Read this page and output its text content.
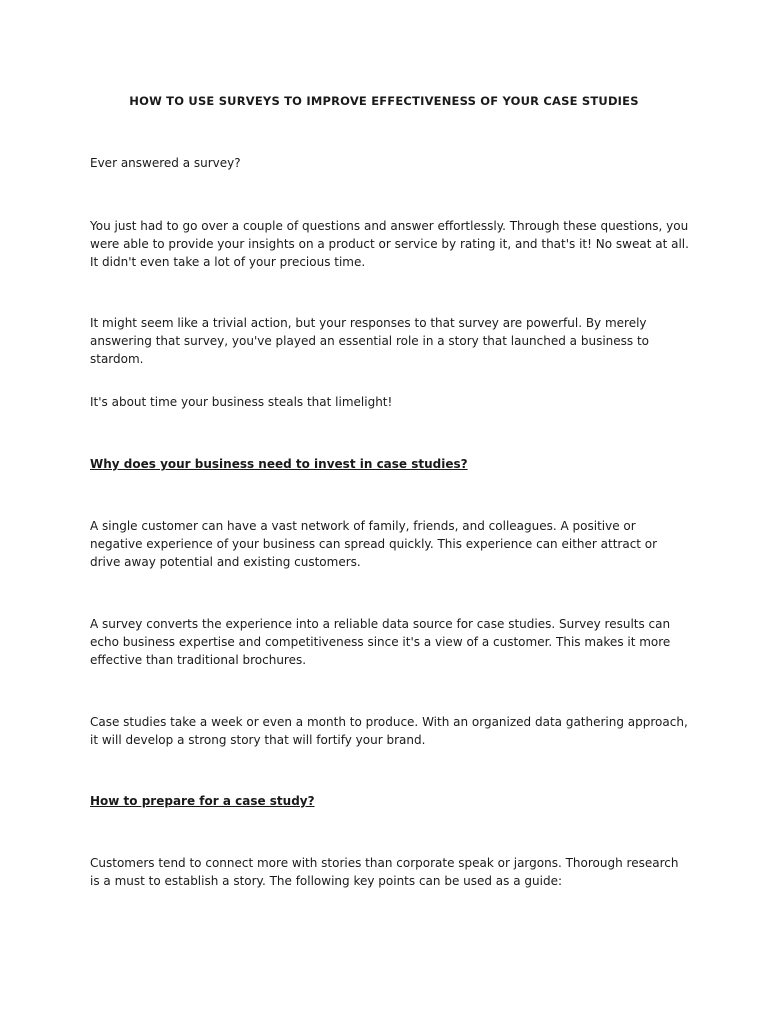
HOW TO USE SURVEYS TO IMPROVE EFFECTIVENESS OF YOUR CASE STUDIES

Ever answered a survey?

You just had to go over a couple of questions and answer effortlessly. Through these questions, you were able to provide your insights on a product or service by rating it, and that's it! No sweat at all. It didn't even take a lot of your precious time.

It might seem like a trivial action, but your responses to that survey are powerful. By merely answering that survey, you've played an essential role in a story that launched a business to stardom.

It's about time your business steals that limelight!

Why does your business need to invest in case studies?

A single customer can have a vast network of family, friends, and colleagues. A positive or negative experience of your business can spread quickly. This experience can either attract or drive away potential and existing customers.

A survey converts the experience into a reliable data source for case studies. Survey results can echo business expertise and competitiveness since it's a view of a customer. This makes it more effective than traditional brochures.

Case studies take a week or even a month to produce. With an organized data gathering approach, it will develop a strong story that will fortify your brand.

How to prepare for a case study?

Customers tend to connect more with stories than corporate speak or jargons. Thorough research is a must to establish a story. The following key points can be used as a guide:
